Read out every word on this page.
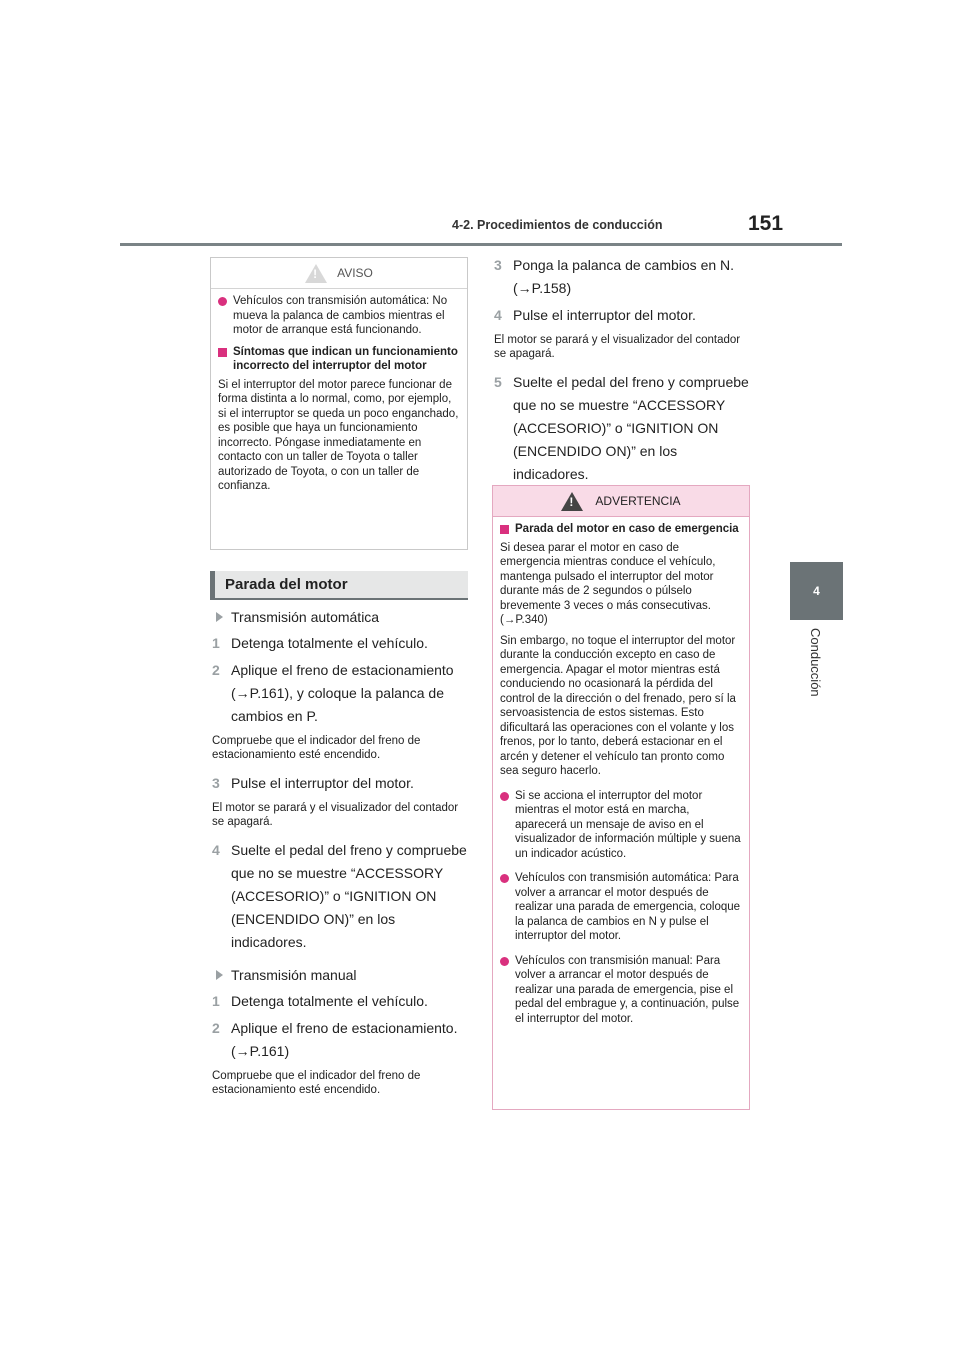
4-2. Procedimientos de conducción	151
4
Conducción
! AVISO
Vehículos con transmisión automática: No mueva la palanca de cambios mientras el motor de arranque está funcionando.
Síntomas que indican un funcionamiento incorrecto del interruptor del motor
Si el interruptor del motor parece funcionar de forma distinta a lo normal, como, por ejemplo, si el interruptor se queda un poco enganchado, es posible que haya un funcionamiento incorrecto. Póngase inmediatamente en contacto con un taller de Toyota o taller autorizado de Toyota, o con un taller de confianza.
Parada del motor
Transmisión automática
1 Detenga totalmente el vehículo.
2 Aplique el freno de estacionamiento (→P.161), y coloque la palanca de cambios en P.
Compruebe que el indicador del freno de estacionamiento esté encendido.
3 Pulse el interruptor del motor.
El motor se parará y el visualizador del contador se apagará.
4 Suelte el pedal del freno y compruebe que no se muestre “ACCESSORY (ACCESORIO)” o “IGNITION ON (ENCENDIDO ON)” en los indicadores.
Transmisión manual
1 Detenga totalmente el vehículo.
2 Aplique el freno de estacionamiento. (→P.161)
Compruebe que el indicador del freno de estacionamiento esté encendido.
3 Ponga la palanca de cambios en N. (→P.158)
4 Pulse el interruptor del motor.
El motor se parará y el visualizador del contador se apagará.
5 Suelte el pedal del freno y compruebe que no se muestre “ACCESSORY (ACCESORIO)” o “IGNITION ON (ENCENDIDO ON)” en los indicadores.
! ADVERTENCIA
Parada del motor en caso de emergencia
Si desea parar el motor en caso de emergencia mientras conduce el vehículo, mantenga pulsado el interruptor del motor durante más de 2 segundos o púlselo brevemente 3 veces o más consecutivas. (→P.340)
Sin embargo, no toque el interruptor del motor durante la conducción excepto en caso de emergencia. Apagar el motor mientras está conduciendo no ocasionará la pérdida del control de la dirección o del frenado, pero sí la servoasistencia de estos sistemas. Esto dificultará las operaciones con el volante y los frenos, por lo tanto, deberá estacionar en el arcén y detener el vehículo tan pronto como sea seguro hacerlo.
Si se acciona el interruptor del motor mientras el motor está en marcha, aparecerá un mensaje de aviso en el visualizador de información múltiple y suena un indicador acústico.
Vehículos con transmisión automática: Para volver a arrancar el motor después de realizar una parada de emergencia, coloque la palanca de cambios en N y pulse el interruptor del motor.
Vehículos con transmisión manual: Para volver a arrancar el motor después de realizar una parada de emergencia, pise el pedal del embrague y, a continuación, pulse el interruptor del motor.
